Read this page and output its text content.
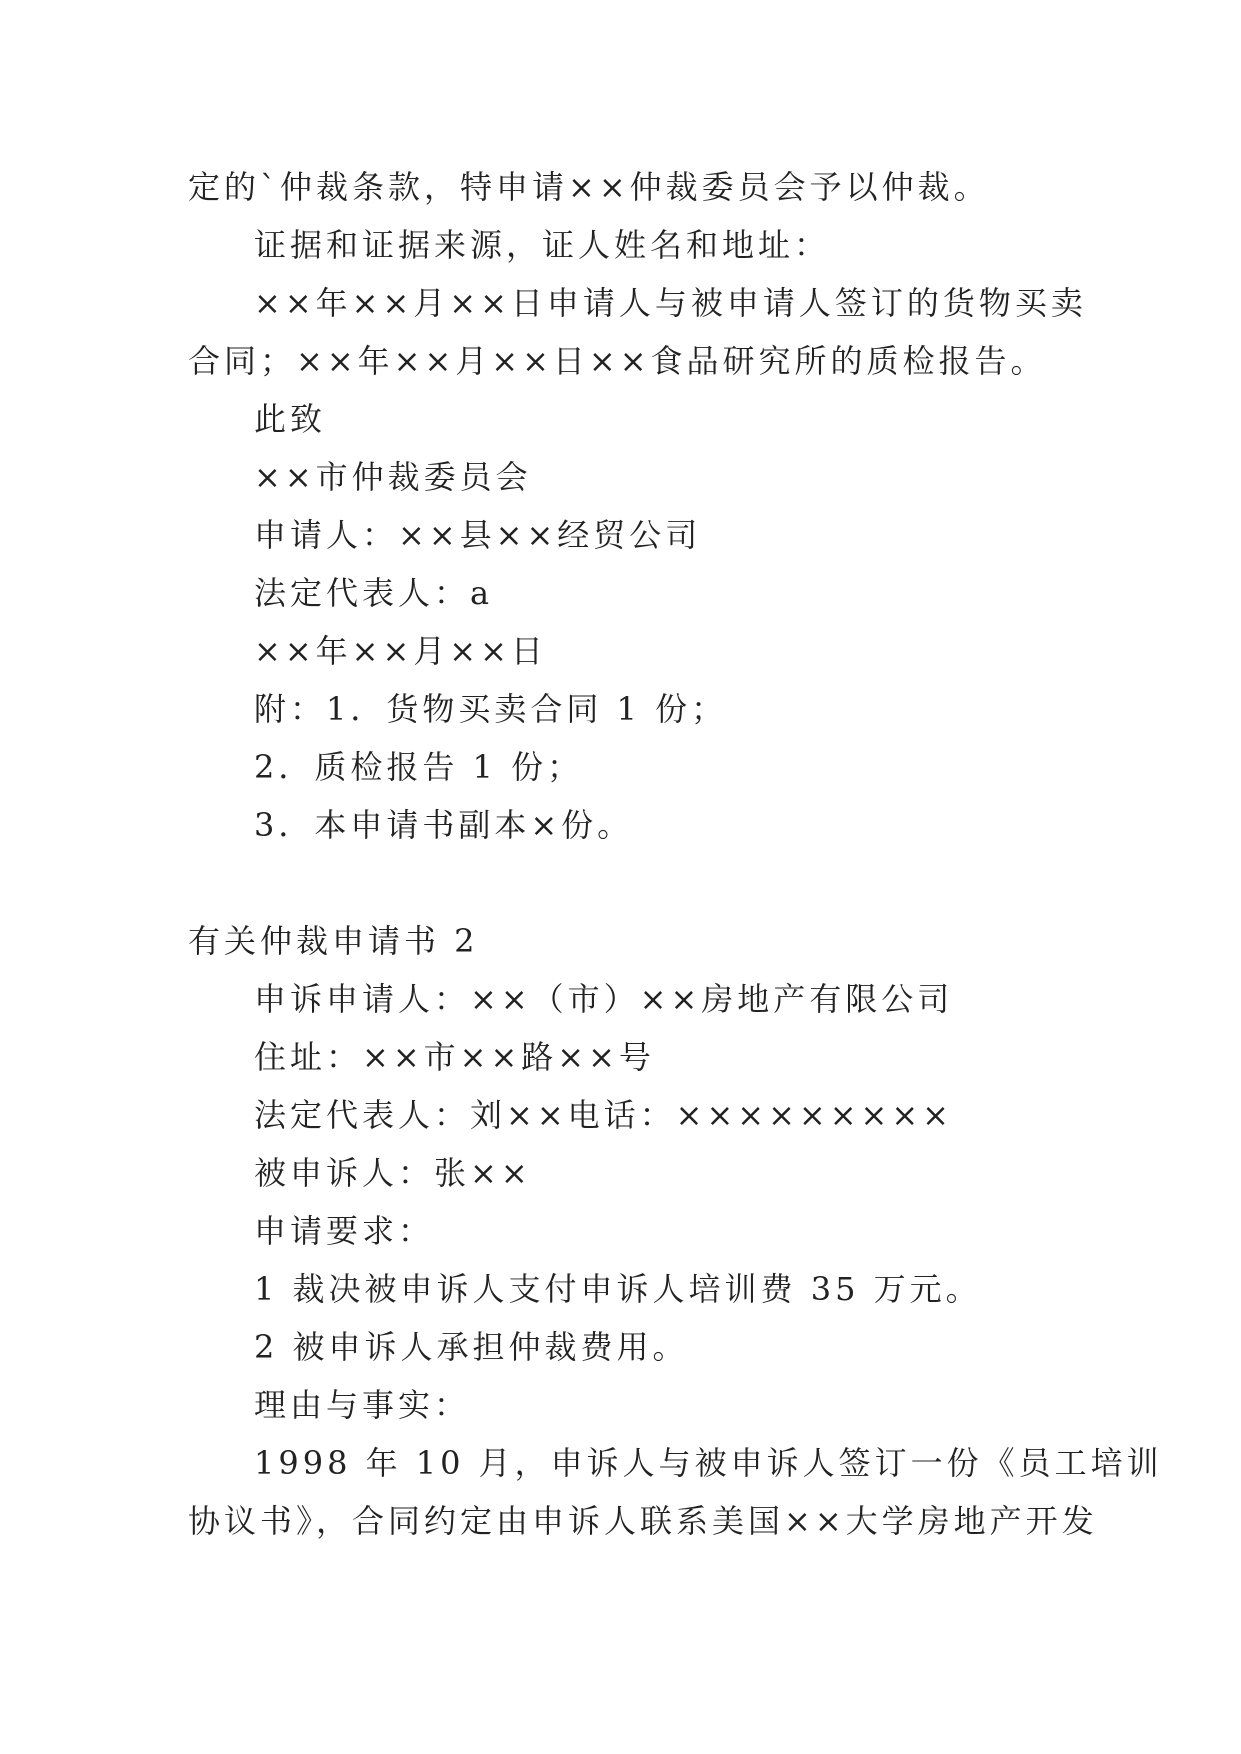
定的`仲裁条款，特申请××仲裁委员会予以仲裁。
证据和证据来源，证人姓名和地址：
××年××月××日申请人与被申请人签订的货物买卖
合同；××年××月××日××食品研究所的质检报告。
此致
××市仲裁委员会
申请人：××县××经贸公司
法定代表人：a
××年××月××日
附：1．货物买卖合同 1 份；
2．质检报告 1 份；
3．本申请书副本×份。
有关仲裁申请书 2
申诉申请人：××（市）××房地产有限公司
住址：××市××路××号
法定代表人：刘××电话：×××××××××
被申诉人：张××
申请要求：
1 裁决被申诉人支付申诉人培训费 35 万元。
2 被申诉人承担仲裁费用。
理由与事实：
1998 年 10 月，申诉人与被申诉人签订一份《员工培训
协议书》，合同约定由申诉人联系美国××大学房地产开发
